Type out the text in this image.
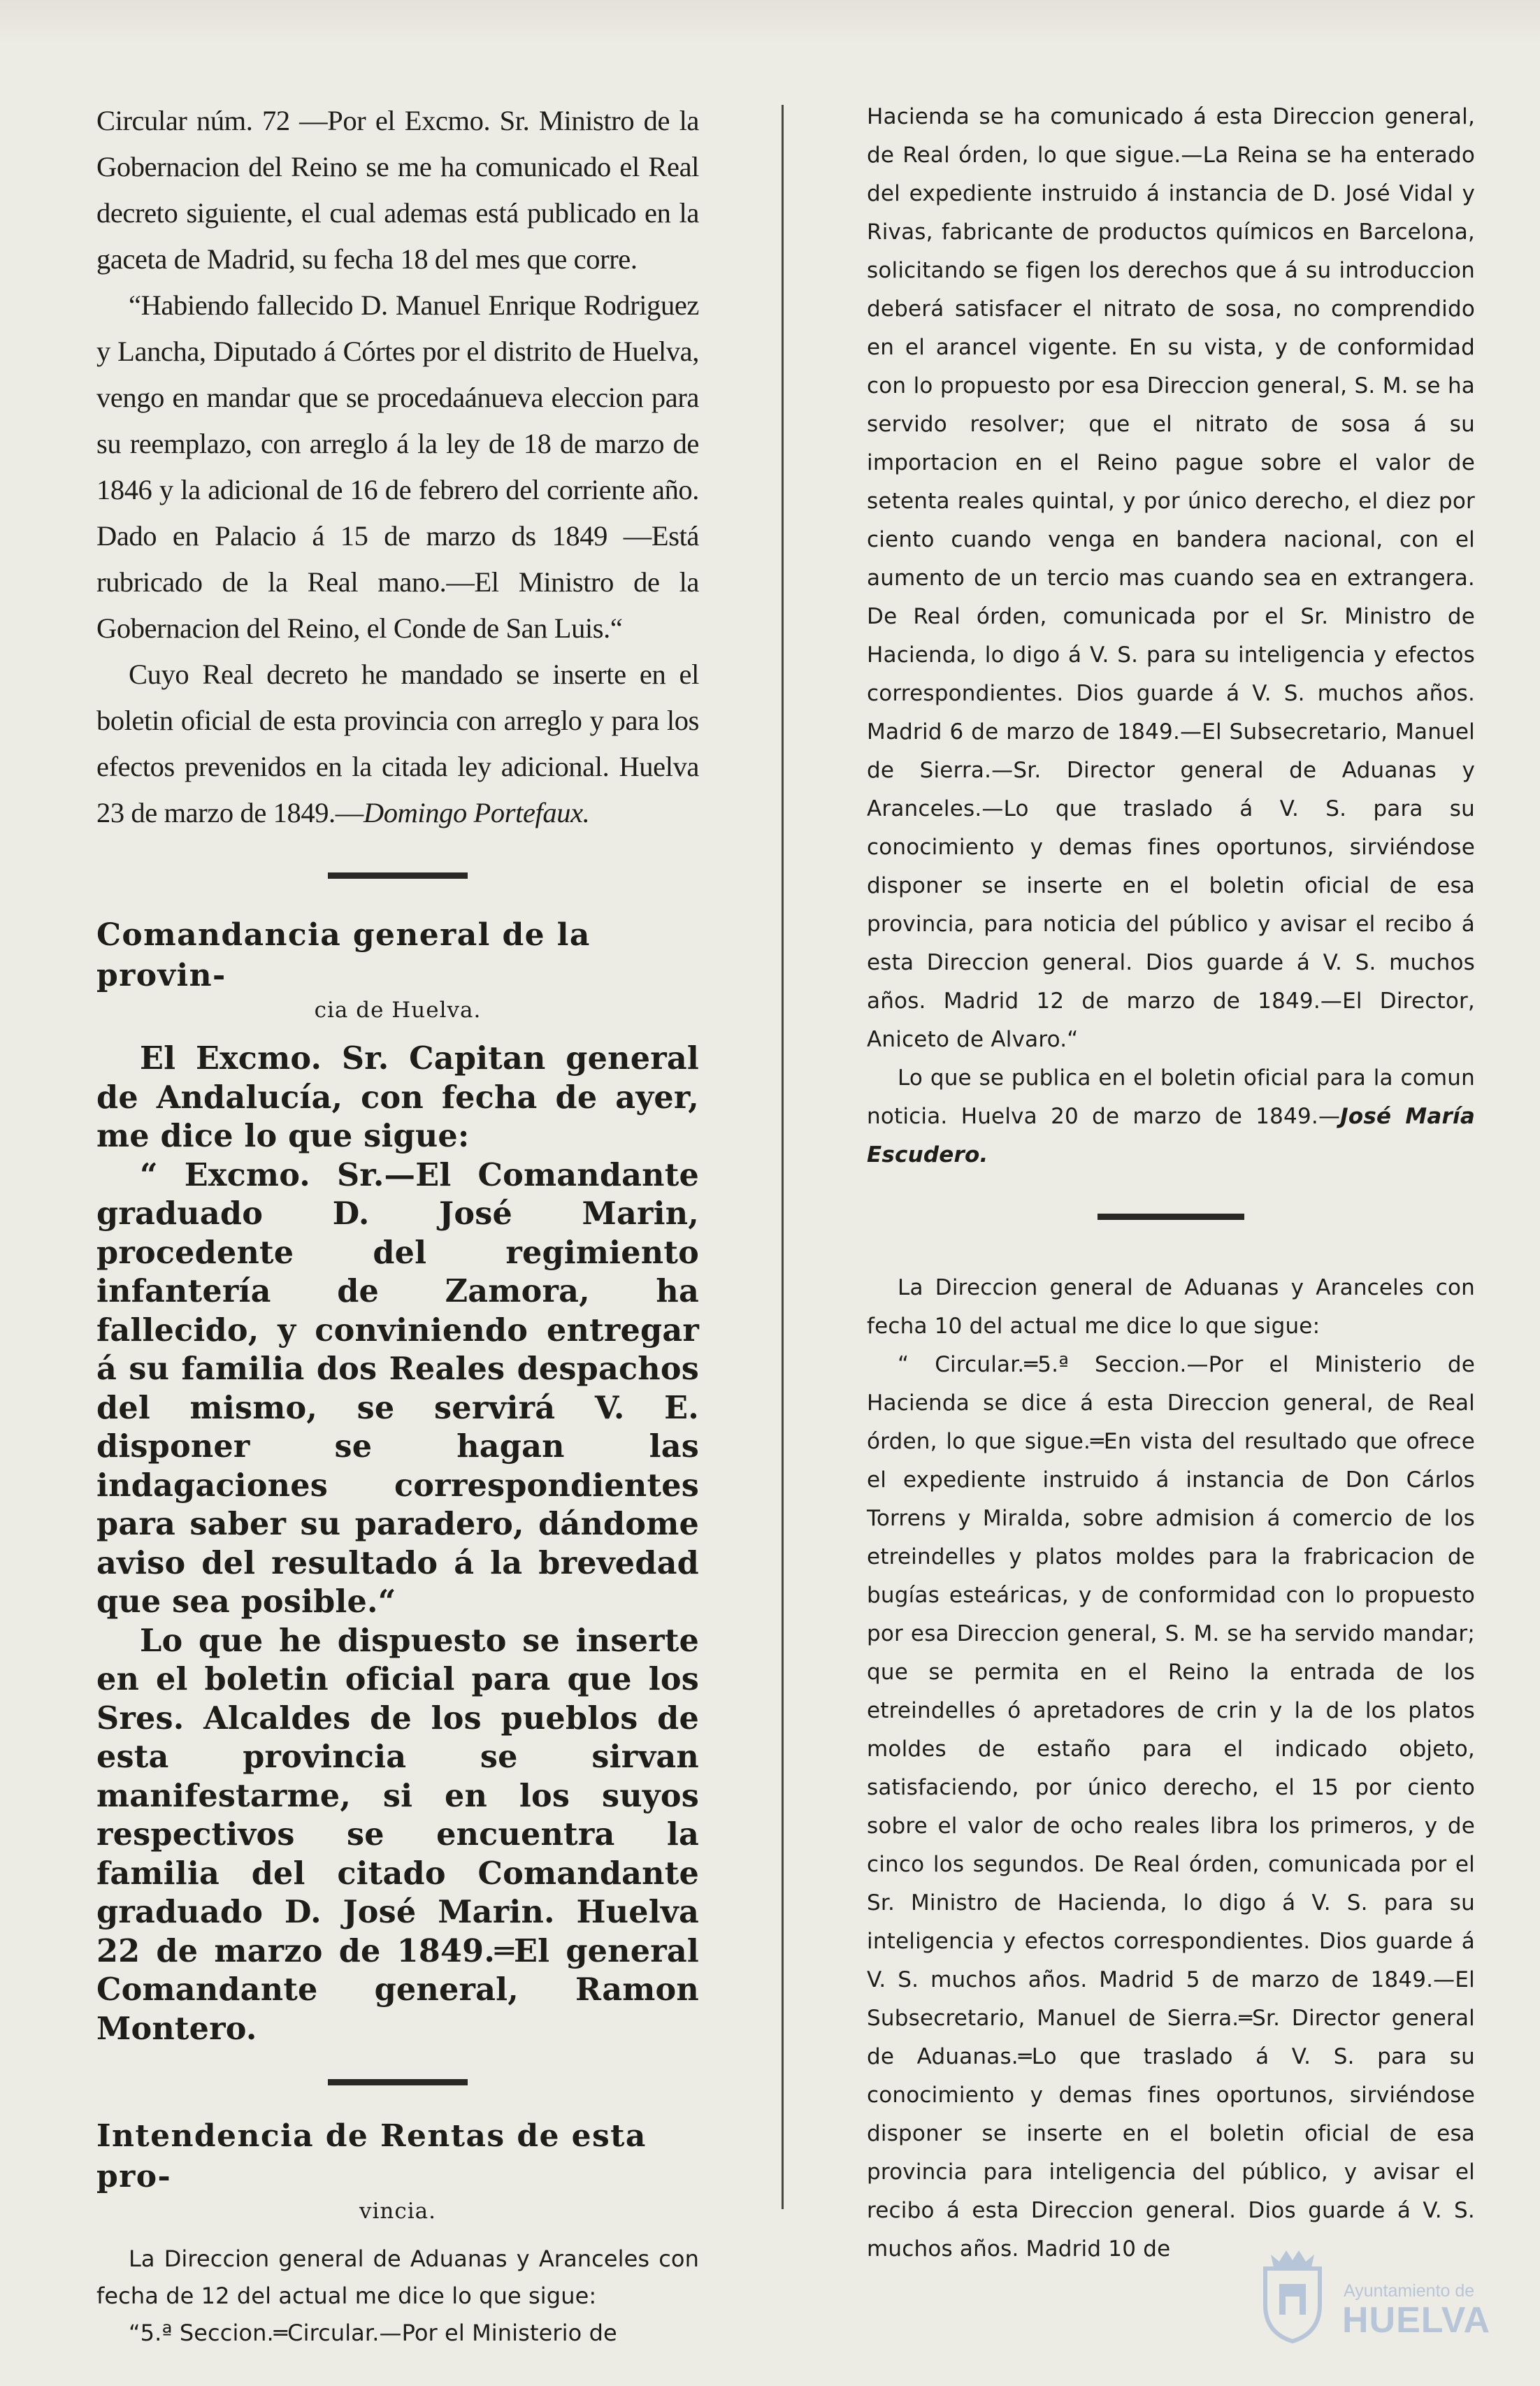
Circular núm. 72 —Por el Excmo. Sr. Ministro de la Gobernacion del Reino se me ha comunicado el Real decreto siguiente, el cual ademas está publicado en la gaceta de Madrid, su fecha 18 del mes que corre.

“Habiendo fallecido D. Manuel Enrique Rodriguez y Lancha, Diputado á Córtes por el distrito de Huelva, vengo en mandar que se procedaánueva eleccion para su reemplazo, con arreglo á la ley de 18 de marzo de 1846 y la adicional de 16 de febrero del corriente año. Dado en Palacio á 15 de marzo ds 1849 —Está rubricado de la Real mano.—El Ministro de la Gobernacion del Reino, el Conde de San Luis.“

Cuyo Real decreto he mandado se inserte en el boletin oficial de esta provincia con arreglo y para los efectos prevenidos en la citada ley adicional. Huelva 23 de marzo de 1849.—Domingo Portefaux.

Comandancia general de la provin-
cia de Huelva.

El Excmo. Sr. Capitan general de Andalucía, con fecha de ayer, me dice lo que sigue:

“ Excmo. Sr.—El Comandante graduado D. José Marin, procedente del regimiento infantería de Zamora, ha fallecido, y conviniendo entregar á su familia dos Reales despachos del mismo, se servirá V. E. disponer se hagan las indagaciones correspondientes para saber su paradero, dándome aviso del resultado á la brevedad que sea posible.“

Lo que he dispuesto se inserte en el boletin oficial para que los Sres. Alcaldes de los pueblos de esta provincia se sirvan manifestarme, si en los suyos respectivos se encuentra la familia del citado Comandante graduado D. José Marin. Huelva 22 de marzo de 1849.═El general Comandante general, Ramon Montero.

Intendencia de Rentas de esta pro-
vincia.

La Direccion general de Aduanas y Aranceles con fecha de 12 del actual me dice lo que sigue:

“5.ª Seccion.═Circular.—Por el Ministerio de

Hacienda se ha comunicado á esta Direccion general, de Real órden, lo que sigue.—La Reina se ha enterado del expediente instruido á instancia de D. José Vidal y Rivas, fabricante de productos químicos en Barcelona, solicitando se figen los derechos que á su introduccion deberá satisfacer el nitrato de sosa, no comprendido en el arancel vigente. En su vista, y de conformidad con lo propuesto por esa Direccion general, S. M. se ha servido resolver; que el nitrato de sosa á su importacion en el Reino pague sobre el valor de setenta reales quintal, y por único derecho, el diez por ciento cuando venga en bandera nacional, con el aumento de un tercio mas cuando sea en extrangera. De Real órden, comunicada por el Sr. Ministro de Hacienda, lo digo á V. S. para su inteligencia y efectos correspondientes. Dios guarde á V. S. muchos años. Madrid 6 de marzo de 1849.—El Subsecretario, Manuel de Sierra.—Sr. Director general de Aduanas y Aranceles.—Lo que traslado á V. S. para su conocimiento y demas fines oportunos, sirviéndose disponer se inserte en el boletin oficial de esa provincia, para noticia del público y avisar el recibo á esta Direccion general. Dios guarde á V. S. muchos años. Madrid 12 de marzo de 1849.—El Director, Aniceto de Alvaro.“

Lo que se publica en el boletin oficial para la comun noticia. Huelva 20 de marzo de 1849.—José María Escudero.

La Direccion general de Aduanas y Aranceles con fecha 10 del actual me dice lo que sigue:

“ Circular.═5.ª Seccion.—Por el Ministerio de Hacienda se dice á esta Direccion general, de Real órden, lo que sigue.═En vista del resultado que ofrece el expediente instruido á instancia de Don Cárlos Torrens y Miralda, sobre admision á comercio de los etreindelles y platos moldes para la frabricacion de bugías esteáricas, y de conformidad con lo propuesto por esa Direccion general, S. M. se ha servido mandar; que se permita en el Reino la entrada de los etreindelles ó apretadores de crin y la de los platos moldes de estaño para el indicado objeto, satisfaciendo, por único derecho, el 15 por ciento sobre el valor de ocho reales libra los primeros, y de cinco los segundos. De Real órden, comunicada por el Sr. Ministro de Hacienda, lo digo á V. S. para su inteligencia y efectos correspondientes. Dios guarde á V. S. muchos años. Madrid 5 de marzo de 1849.—El Subsecretario, Manuel de Sierra.═Sr. Director general de Aduanas.═Lo que traslado á V. S. para su conocimiento y demas fines oportunos, sirviéndose disponer se inserte en el boletin oficial de esa provincia para inteligencia del público, y avisar el recibo á esta Direccion general. Dios guarde á V. S. muchos años. Madrid 10 de

Ayuntamiento de
HUELVA
